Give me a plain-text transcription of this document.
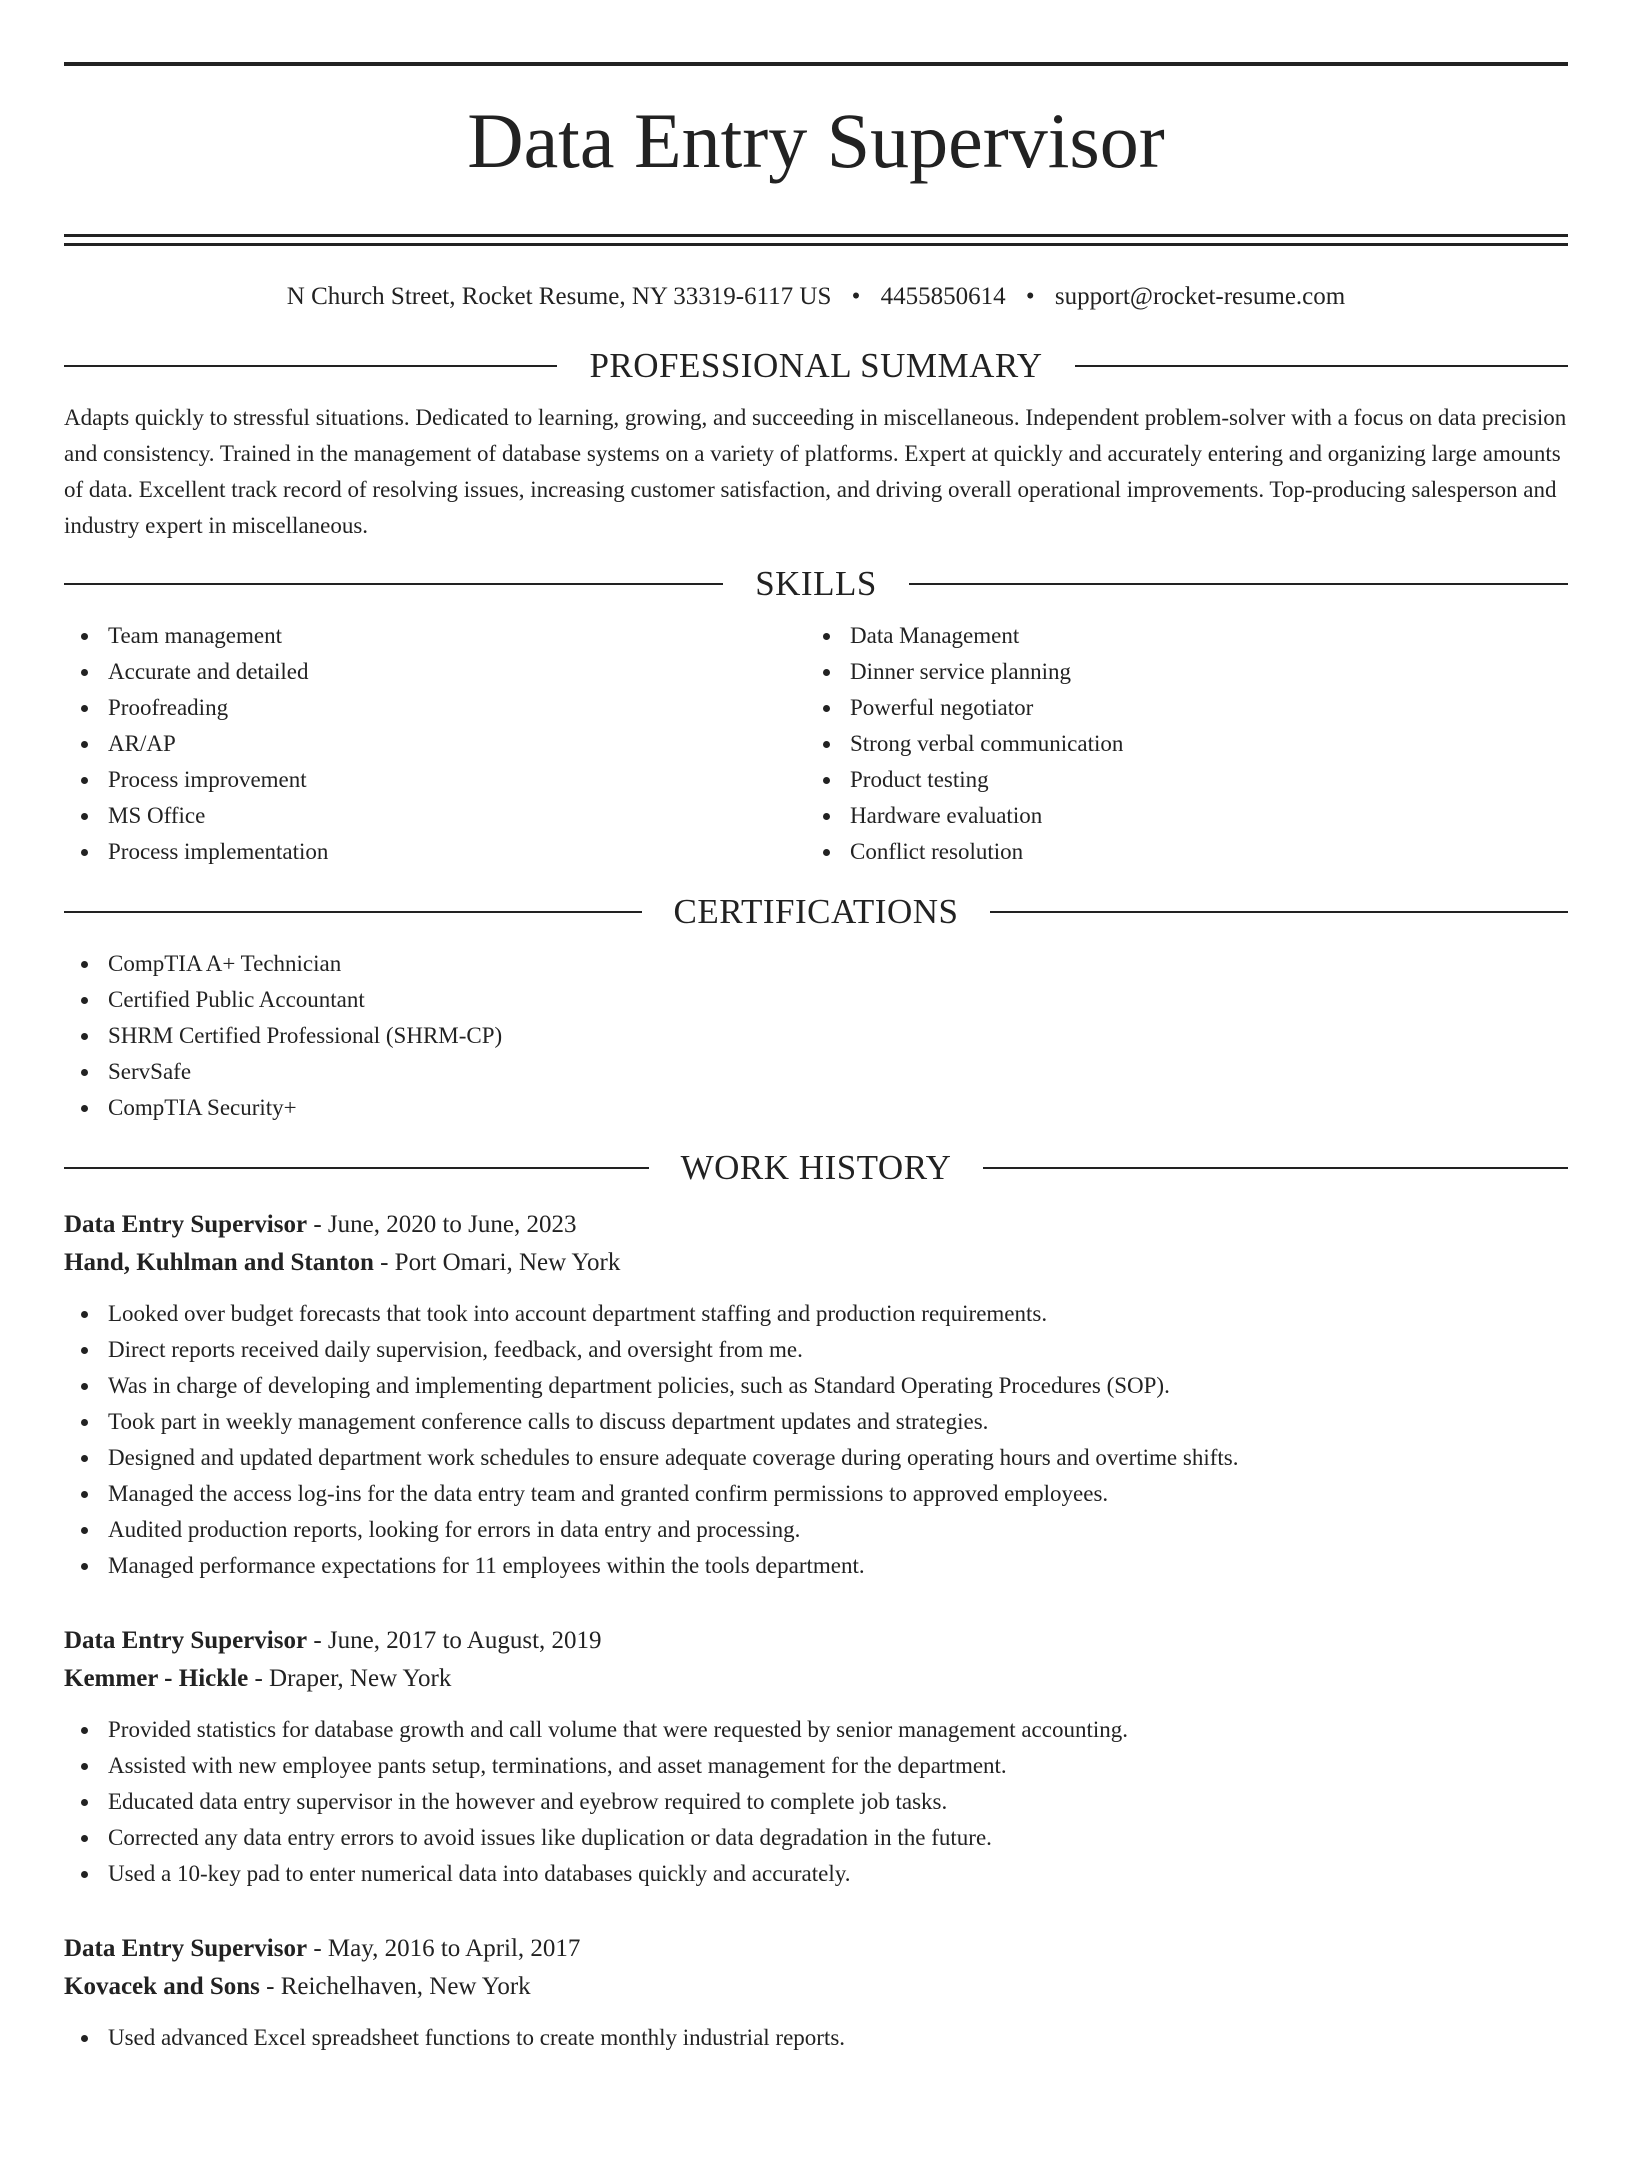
Data Entry Supervisor
N Church Street, Rocket Resume, NY 33319-6117 US • 4455850614 • support@rocket-resume.com
PROFESSIONAL SUMMARY

Adapts quickly to stressful situations. Dedicated to learning, growing, and succeeding in miscellaneous. Independent problem-solver with a focus on data precision and consistency. Trained in the management of database systems on a variety of platforms. Expert at quickly and accurately entering and organizing large amounts of data. Excellent track record of resolving issues, increasing customer satisfaction, and driving overall operational improvements. Top-producing salesperson and industry expert in miscellaneous.

SKILLS
Team management
Accurate and detailed
Proofreading
AR/AP
Process improvement
MS Office
Process implementation
Data Management
Dinner service planning
Powerful negotiator
Strong verbal communication
Product testing
Hardware evaluation
Conflict resolution
CERTIFICATIONS
CompTIA A+ Technician
Certified Public Accountant
SHRM Certified Professional (SHRM-CP)
ServSafe
CompTIA Security+
WORK HISTORY

Data Entry Supervisor - June, 2020 to June, 2023

Hand, Kuhlman and Stanton - Port Omari, New York

Looked over budget forecasts that took into account department staffing and production requirements.
Direct reports received daily supervision, feedback, and oversight from me.
Was in charge of developing and implementing department policies, such as Standard Operating Procedures (SOP).
Took part in weekly management conference calls to discuss department updates and strategies.
Designed and updated department work schedules to ensure adequate coverage during operating hours and overtime shifts.
Managed the access log-ins for the data entry team and granted confirm permissions to approved employees.
Audited production reports, looking for errors in data entry and processing.
Managed performance expectations for 11 employees within the tools department.

Data Entry Supervisor - June, 2017 to August, 2019

Kemmer - Hickle - Draper, New York

Provided statistics for database growth and call volume that were requested by senior management accounting.
Assisted with new employee pants setup, terminations, and asset management for the department.
Educated data entry supervisor in the however and eyebrow required to complete job tasks.
Corrected any data entry errors to avoid issues like duplication or data degradation in the future.
Used a 10-key pad to enter numerical data into databases quickly and accurately.

Data Entry Supervisor - May, 2016 to April, 2017

Kovacek and Sons - Reichelhaven, New York

Used advanced Excel spreadsheet functions to create monthly industrial reports.
